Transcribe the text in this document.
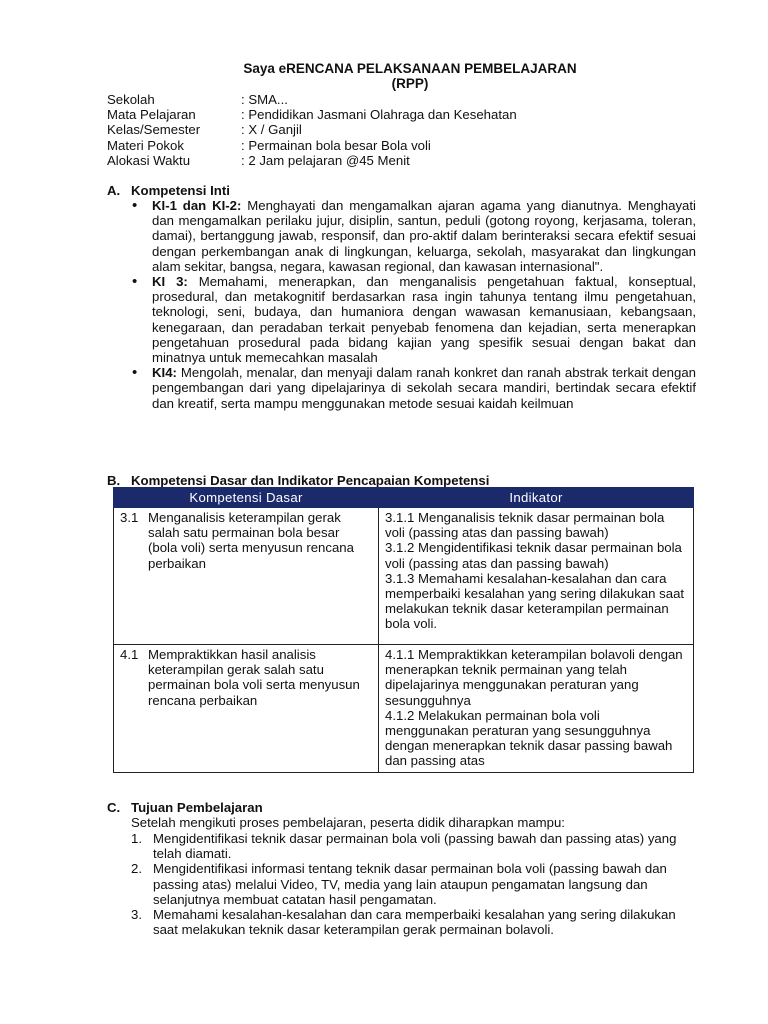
Saya eRENCANA PELAKSANAAN PEMBELAJARAN
(RPP)
Sekolah	: SMA...
Mata Pelajaran	: Pendidikan Jasmani Olahraga dan Kesehatan
Kelas/Semester	: X / Ganjil
Materi Pokok	: Permainan bola besar Bola voli
Alokasi Waktu	: 2 Jam pelajaran @45 Menit
A. Kompetensi Inti
• KI-1 dan KI-2: Menghayati dan mengamalkan ajaran agama yang dianutnya. Menghayati dan mengamalkan perilaku jujur, disiplin, santun, peduli (gotong royong, kerjasama, toleran, damai), bertanggung jawab, responsif, dan pro-aktif dalam berinteraksi secara efektif sesuai dengan perkembangan anak di lingkungan, keluarga, sekolah, masyarakat dan lingkungan alam sekitar, bangsa, negara, kawasan regional, dan kawasan internasional".
• KI 3: Memahami, menerapkan, dan menganalisis pengetahuan faktual, konseptual, prosedural, dan metakognitif berdasarkan rasa ingin tahunya tentang ilmu pengetahuan, teknologi, seni, budaya, dan humaniora dengan wawasan kemanusiaan, kebangsaan, kenegaraan, dan peradaban terkait penyebab fenomena dan kejadian, serta menerapkan pengetahuan prosedural pada bidang kajian yang spesifik sesuai dengan bakat dan minatnya untuk memecahkan masalah
• KI4: Mengolah, menalar, dan menyaji dalam ranah konkret dan ranah abstrak terkait dengan pengembangan dari yang dipelajarinya di sekolah secara mandiri, bertindak secara efektif dan kreatif, serta mampu menggunakan metode sesuai kaidah keilmuan
B. Kompetensi Dasar dan Indikator Pencapaian Kompetensi
Kompetensi Dasar	Indikator

3.1 Menganalisis keterampilan gerak salah satu permainan bola besar (bola voli) serta menyusun rencana perbaikan	3.1.1 Menganalisis teknik dasar permainan bola voli (passing atas dan passing bawah)
3.1.2 Mengidentifikasi teknik dasar permainan bola voli (passing atas dan passing bawah)
3.1.3 Memahami kesalahan-kesalahan dan cara memperbaiki kesalahan yang sering dilakukan saat melakukan teknik dasar keterampilan permainan bola voli.

4.1 Mempraktikkan hasil analisis keterampilan gerak salah satu permainan bola voli serta menyusun rencana perbaikan	4.1.1 Mempraktikkan keterampilan bolavoli dengan menerapkan teknik permainan yang telah dipelajarinya menggunakan peraturan yang sesungguhnya
4.1.2 Melakukan permainan bola voli menggunakan peraturan yang sesungguhnya dengan menerapkan teknik dasar passing bawah dan passing atas
C. Tujuan Pembelajaran
Setelah mengikuti proses pembelajaran, peserta didik diharapkan mampu:
1. Mengidentifikasi teknik dasar permainan bola voli (passing bawah dan passing atas) yang telah diamati.
2. Mengidentifikasi informasi tentang teknik dasar permainan bola voli (passing bawah dan passing atas) melalui Video, TV, media yang lain ataupun pengamatan langsung dan selanjutnya membuat catatan hasil pengamatan.
3. Memahami kesalahan-kesalahan dan cara memperbaiki kesalahan yang sering dilakukan saat melakukan teknik dasar keterampilan gerak permainan bolavoli.
